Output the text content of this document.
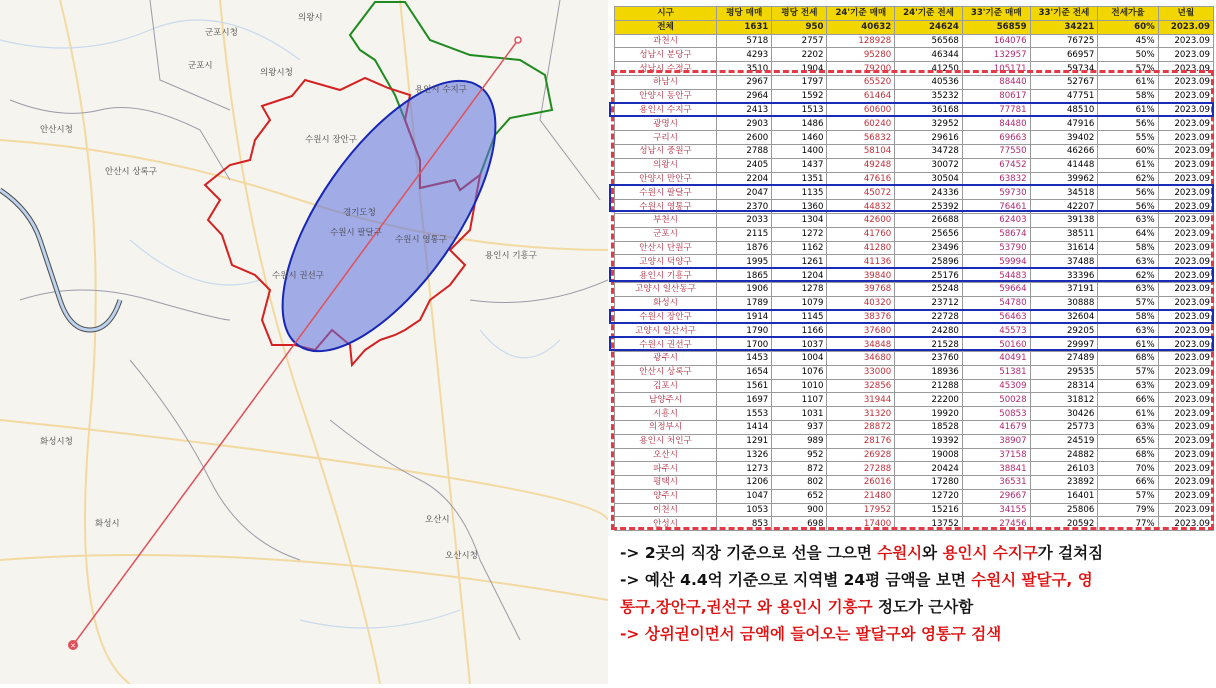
✕
의왕시
군포시청
군포시
의왕시청
안산시청
안산시 상록구
용인시 수지구
수원시 장안구
수원시 팔달구
수원시 영통구
수원시 권선구
경기도청
용인시 기흥구
화성시청
화성시	오산시
오산시청
시구	평당 매매	평당 전세	24'기준 매매	24'기준 전세	33'기준 매매	33'기준 전세	전세가율	년월
전체	1631	950	40632	24624	56859	34221	60%	2023.09
과천시	5718	2757	128928	56568	164076	76725	45%	2023.09
성남시 분당구	4293	2202	95280	46344	132957	66957	50%	2023.09
성남시 수정구	3510	1904	79200	41250	105171	59734	57%	2023.09
하남시	2967	1797	65520	40536	88440	52767	61%	2023.09
안양시 동안구	2964	1592	61464	35232	80617	47751	58%	2023.09
용인시 수지구	2413	1513	60600	36168	77781	48510	61%	2023.09
광명시	2903	1486	60240	32952	84480	47916	56%	2023.09
구리시	2600	1460	56832	29616	69663	39402	55%	2023.09
성남시 중원구	2788	1400	58104	34728	77550	46266	60%	2023.09
의왕시	2405	1437	49248	30072	67452	41448	61%	2023.09
안양시 만안구	2204	1351	47616	30504	63832	39962	62%	2023.09
수원시 팔달구	2047	1135	45072	24336	59730	34518	56%	2023.09
수원시 영통구	2370	1360	44832	25392	76461	42207	56%	2023.09
부천시	2033	1304	42600	26688	62403	39138	63%	2023.09
군포시	2115	1272	41760	25656	58674	38511	64%	2023.09
안산시 단원구	1876	1162	41280	23496	53790	31614	58%	2023.09
고양시 덕양구	1995	1261	41136	25896	59994	37488	63%	2023.09
용인시 기흥구	1865	1204	39840	25176	54483	33396	62%	2023.09
고양시 일산동구	1906	1278	39768	25248	59664	37191	63%	2023.09
화성시	1789	1079	40320	23712	54780	30888	57%	2023.09
수원시 장안구	1914	1145	38376	22728	56463	32604	58%	2023.09
고양시 일산서구	1790	1166	37680	24280	45573	29205	63%	2023.09
수원시 권선구	1700	1037	34848	21528	50160	29997	61%	2023.09
광주시	1453	1004	34680	23760	40491	27489	68%	2023.09
안산시 상록구	1654	1076	33000	18936	51381	29535	57%	2023.09
김포시	1561	1010	32856	21288	45309	28314	63%	2023.09
남양주시	1697	1107	31944	22200	50028	31812	66%	2023.09
시흥시	1553	1031	31320	19920	50853	30426	61%	2023.09
의정부시	1414	937	28872	18528	41679	25773	63%	2023.09
용인시 처인구	1291	989	28176	19392	38907	24519	65%	2023.09
오산시	1326	952	26928	19008	37158	24882	68%	2023.09
파주시	1273	872	27288	20424	38841	26103	70%	2023.09
평택시	1206	802	26016	17280	36531	23892	66%	2023.09
양주시	1047	652	21480	12720	29667	16401	57%	2023.09
이천시	1053	900	17952	15216	34155	25806	79%	2023.09
안성시	853	698	17400	13752	27456	20592	77%	2023.09
-> 2곳의 직장 기준으로 선을 그으면 수원시와 용인시 수지구가 걸쳐짐
-> 예산 4.4억 기준으로 지역별 24평 금액을 보면 수원시 팔달구, 영
통구,장안구,권선구 와 용인시 기흥구 정도가 근사함
-> 상위권이면서 금액에 들어오는 팔달구와 영통구 검색
